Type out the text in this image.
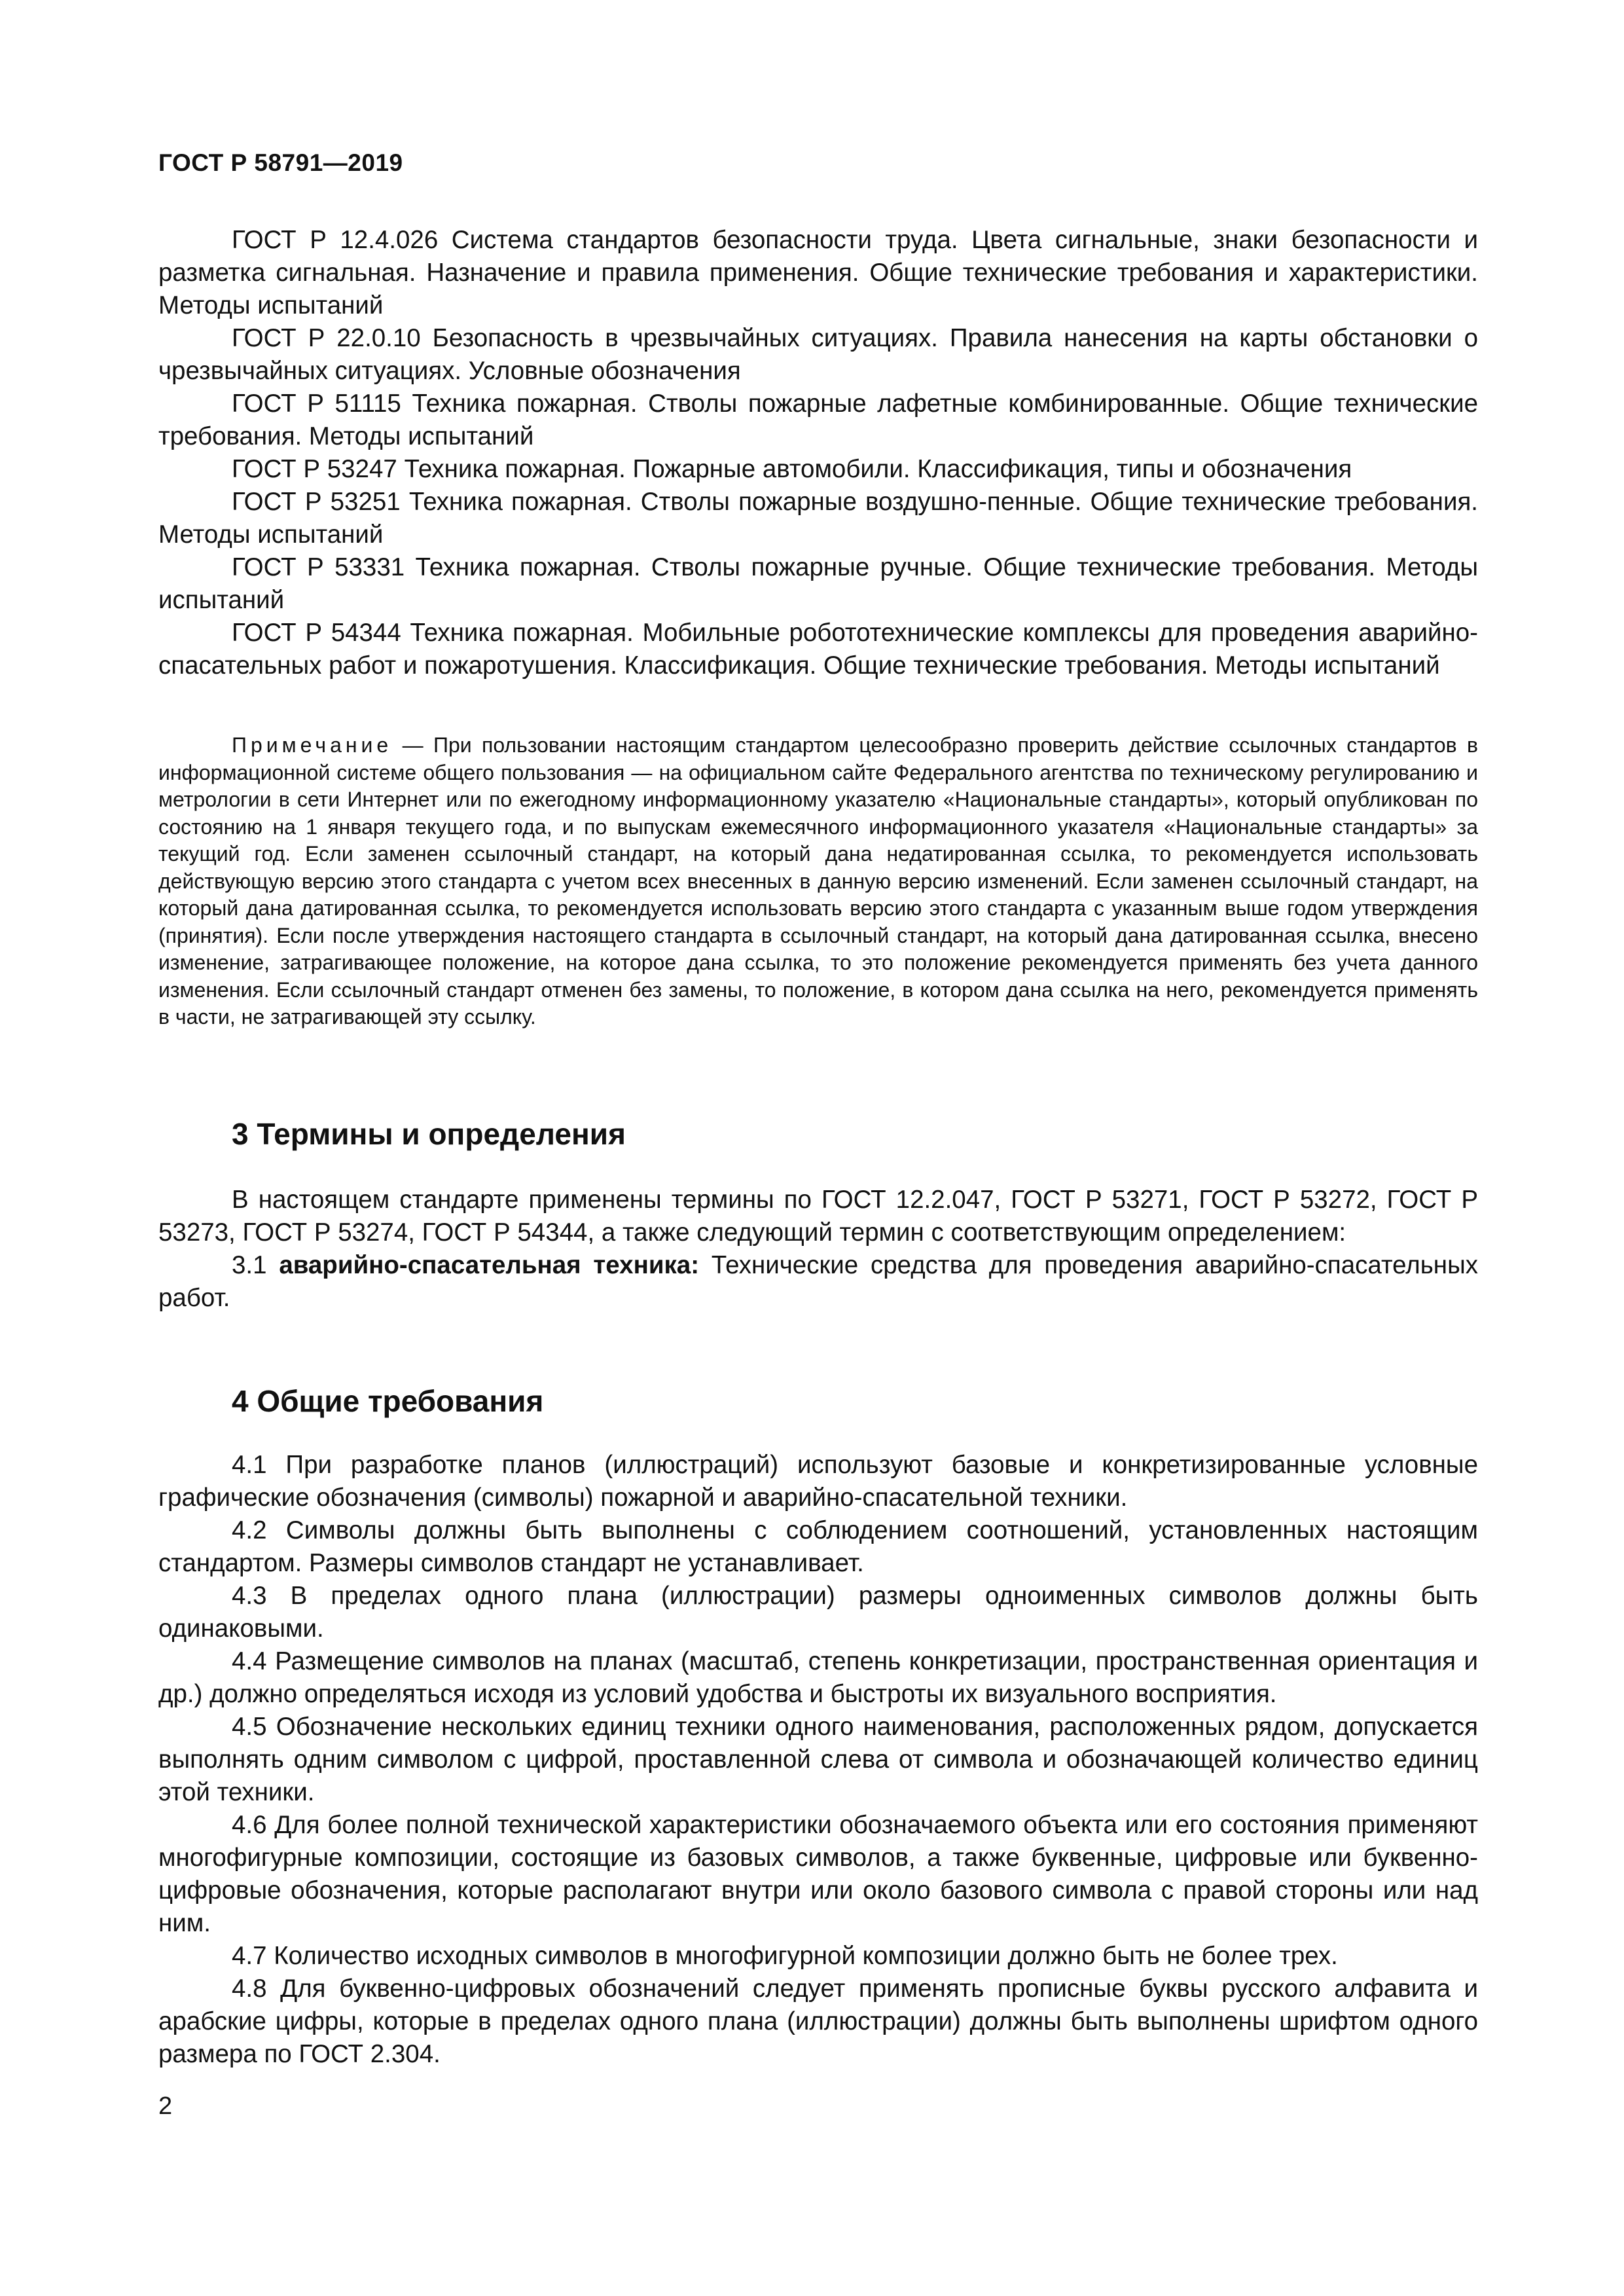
ГОСТ Р 58791—2019

ГОСТ Р 12.4.026 Система стандартов безопасности труда. Цвета сигнальные, знаки безопасности и разметка сигнальная. Назначение и правила применения. Общие технические требования и характеристики. Методы испытаний

ГОСТ Р 22.0.10 Безопасность в чрезвычайных ситуациях. Правила нанесения на карты обстановки о чрезвычайных ситуациях. Условные обозначения

ГОСТ Р 51115 Техника пожарная. Стволы пожарные лафетные комбинированные. Общие технические требования. Методы испытаний

ГОСТ Р 53247 Техника пожарная. Пожарные автомобили. Классификация, типы и обозначения

ГОСТ Р 53251 Техника пожарная. Стволы пожарные воздушно-пенные. Общие технические требования. Методы испытаний

ГОСТ Р 53331 Техника пожарная. Стволы пожарные ручные. Общие технические требования. Методы испытаний

ГОСТ Р 54344 Техника пожарная. Мобильные робототехнические комплексы для проведения аварийно-спасательных работ и пожаротушения. Классификация. Общие технические требования. Методы испытаний

Примечание — При пользовании настоящим стандартом целесообразно проверить действие ссылочных стандартов в информационной системе общего пользования — на официальном сайте Федерального агентства по техническому регулированию и метрологии в сети Интернет или по ежегодному информационному указателю «Национальные стандарты», который опубликован по состоянию на 1 января текущего года, и по выпускам ежемесячного информационного указателя «Национальные стандарты» за текущий год. Если заменен ссылочный стандарт, на который дана недатированная ссылка, то рекомендуется использовать действующую версию этого стандарта с учетом всех внесенных в данную версию изменений. Если заменен ссылочный стандарт, на который дана датированная ссылка, то рекомендуется использовать версию этого стандарта с указанным выше годом утверждения (принятия). Если после утверждения настоящего стандарта в ссылочный стандарт, на который дана датированная ссылка, внесено изменение, затрагивающее положение, на которое дана ссылка, то это положение рекомендуется применять без учета данного изменения. Если ссылочный стандарт отменен без замены, то положение, в котором дана ссылка на него, рекомендуется применять в части, не затрагивающей эту ссылку.

3 Термины и определения

В настоящем стандарте применены термины по ГОСТ 12.2.047, ГОСТ Р 53271, ГОСТ Р 53272, ГОСТ Р 53273, ГОСТ Р 53274, ГОСТ Р 54344, а также следующий термин с соответствующим определением:

3.1 аварийно-спасательная техника: Технические средства для проведения аварийно-спасательных работ.

4 Общие требования

4.1 При разработке планов (иллюстраций) используют базовые и конкретизированные условные графические обозначения (символы) пожарной и аварийно-спасательной техники.

4.2 Символы должны быть выполнены с соблюдением соотношений, установленных настоящим стандартом. Размеры символов стандарт не устанавливает.

4.3 В пределах одного плана (иллюстрации) размеры одноименных символов должны быть одинаковыми.

4.4 Размещение символов на планах (масштаб, степень конкретизации, пространственная ориентация и др.) должно определяться исходя из условий удобства и быстроты их визуального восприятия.

4.5 Обозначение нескольких единиц техники одного наименования, расположенных рядом, допускается выполнять одним символом с цифрой, проставленной слева от символа и обозначающей количество единиц этой техники.

4.6 Для более полной технической характеристики обозначаемого объекта или его состояния применяют многофигурные композиции, состоящие из базовых символов, а также буквенные, цифровые или буквенно-цифровые обозначения, которые располагают внутри или около базового символа с правой стороны или над ним.

4.7 Количество исходных символов в многофигурной композиции должно быть не более трех.

4.8 Для буквенно-цифровых обозначений следует применять прописные буквы русского алфавита и арабские цифры, которые в пределах одного плана (иллюстрации) должны быть выполнены шрифтом одного размера по ГОСТ 2.304.

2
